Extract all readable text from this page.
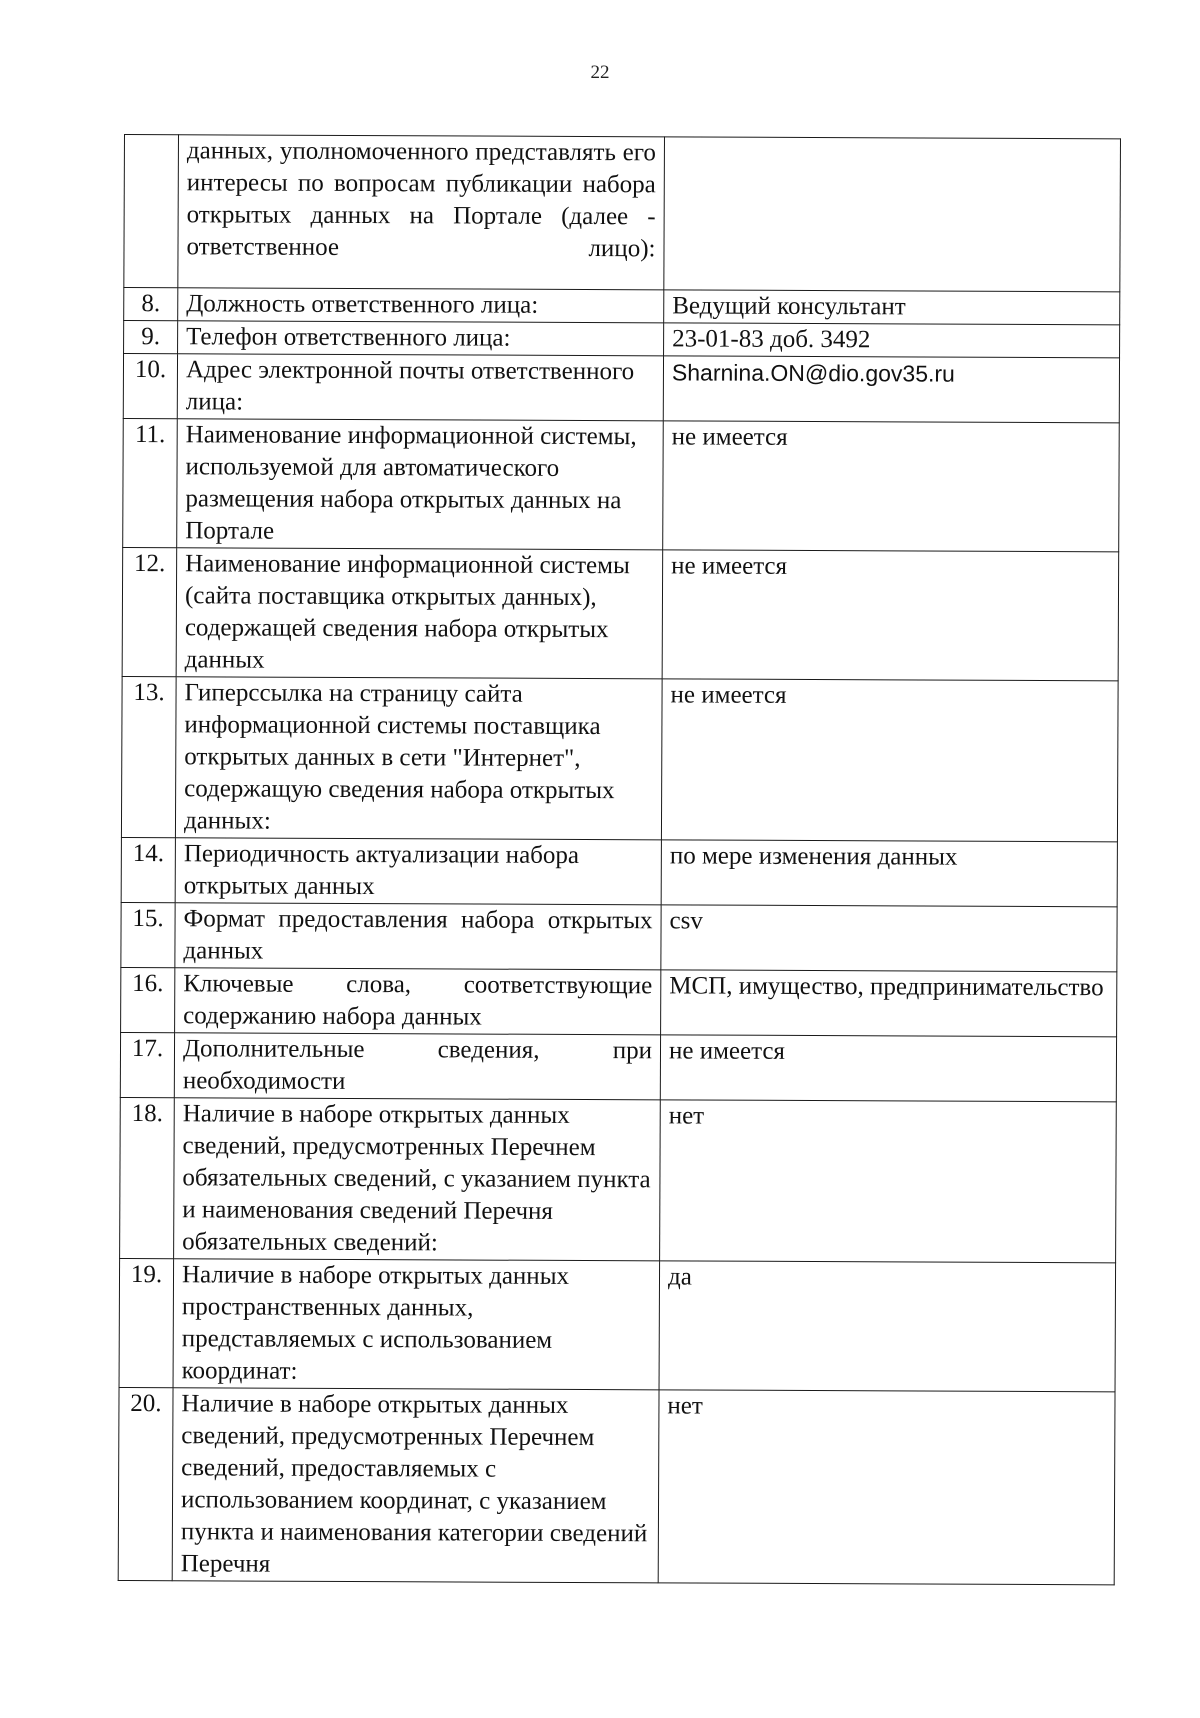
22
	данных, уполномоченного представлять его интересы по вопросам публикации набора открытых данных на Портале (далее - ответственное лицо):	
8.	Должность ответственного лица:	Ведущий консультант
9.	Телефон ответственного лица:	23-01-83 доб. 3492
10.	Адрес электронной почты ответственного лица:	Sharnina.ON@dio.gov35.ru
11.	Наименование информационной системы, используемой для автоматического размещения набора открытых данных на Портале	не имеется
12.	Наименование информационной системы (сайта поставщика открытых данных), содержащей сведения набора открытых данных	не имеется
13.	Гиперссылка на страницу сайта информационной системы поставщика открытых данных в сети "Интернет", содержащую сведения набора открытых данных:	не имеется
14.	Периодичность актуализации набора открытых данных	по мере изменения данных
15.	Формат предоставления набора открытых данных	csv
16.	Ключевые слова, соответствующие содержанию набора данных	МСП, имущество, предпринимательство
17.	Дополнительные сведения, при необходимости	не имеется
18.	Наличие в наборе открытых данных сведений, предусмотренных Перечнем обязательных сведений, с указанием пункта и наименования сведений Перечня обязательных сведений:	нет
19.	Наличие в наборе открытых данных пространственных данных, представляемых с использованием координат:	да
20.	Наличие в наборе открытых данных сведений, предусмотренных Перечнем сведений, предоставляемых с использованием координат, с указанием пункта и наименования категории сведений Перечня	нет
